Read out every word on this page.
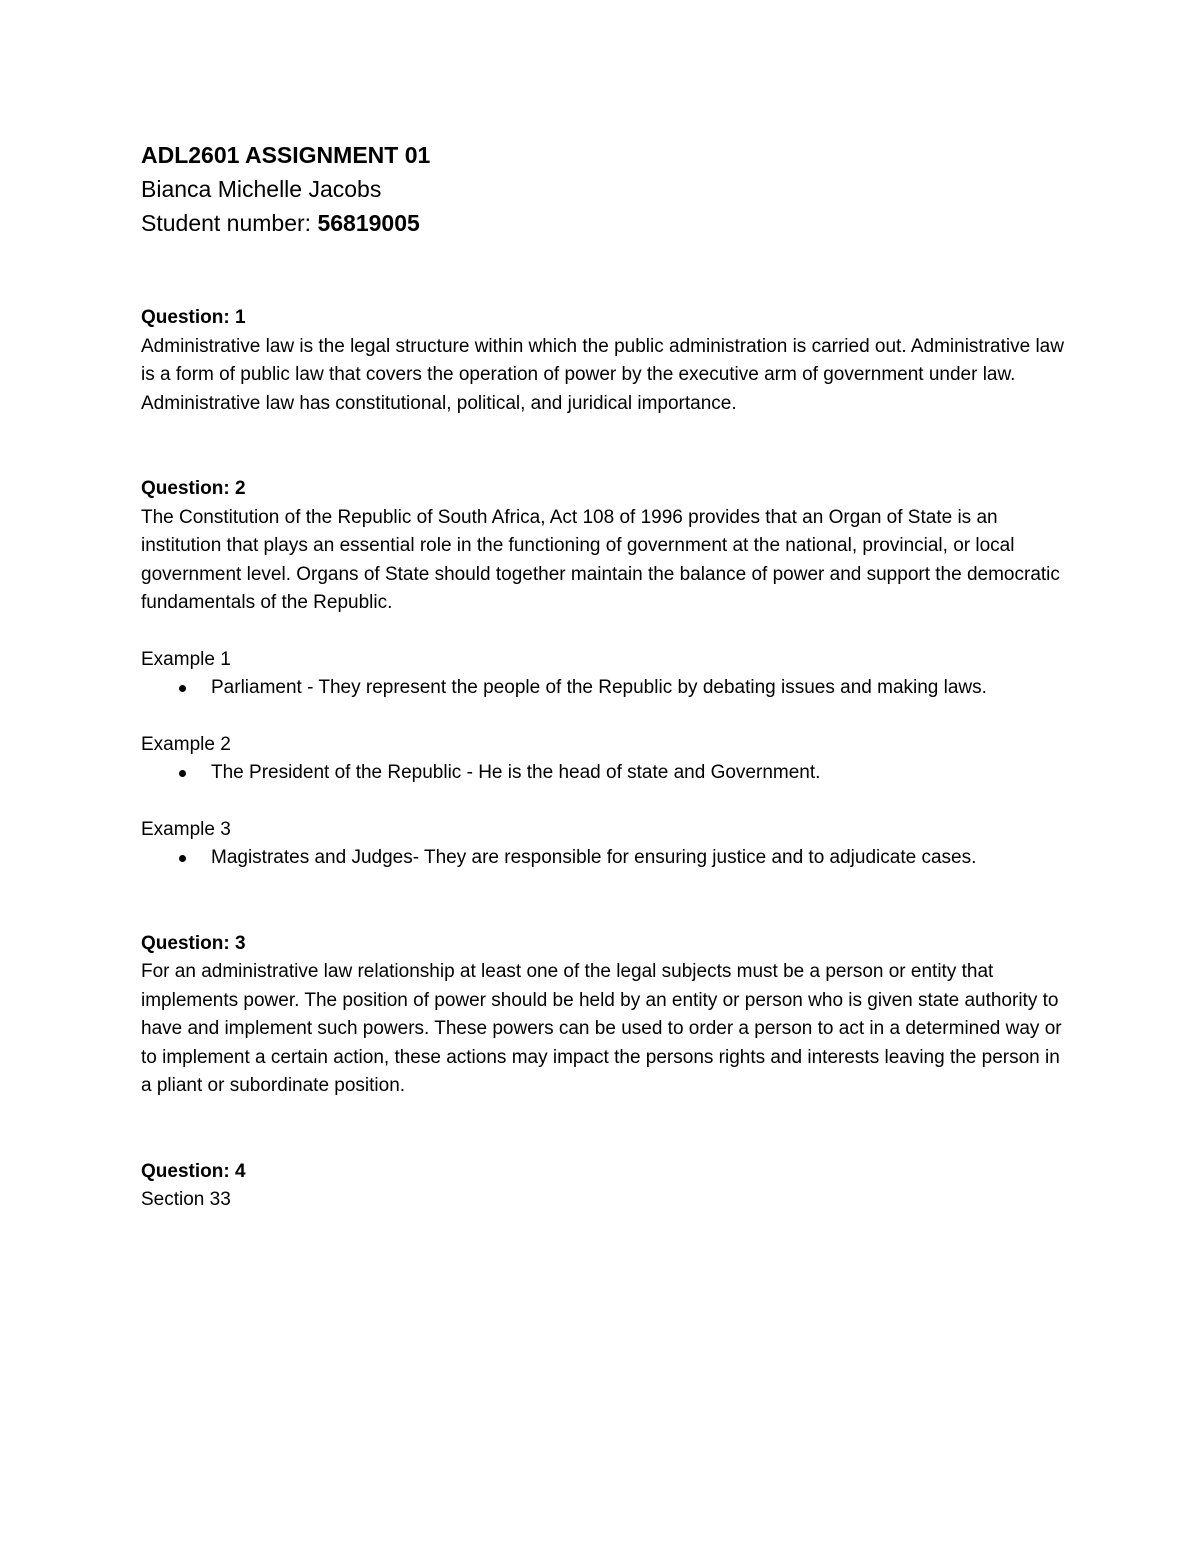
ADL2601 ASSIGNMENT 01

Bianca Michelle Jacobs

Student number: 56819005

Question: 1

Administrative law is the legal structure within which the public administration is carried out. Administrative law is a form of public law that covers the operation of power by the executive arm of government under law. Administrative law has constitutional, political, and juridical importance.

Question: 2

The Constitution of the Republic of South Africa, Act 108 of 1996 provides that an Organ of State is an institution that plays an essential role in the functioning of government at the national, provincial, or local government level. Organs of State should together maintain the balance of power and support the democratic fundamentals of the Republic.

Example 1

Parliament - They represent the people of the Republic by debating issues and making laws.

Example 2

The President of the Republic - He is the head of state and Government.

Example 3

Magistrates and Judges- They are responsible for ensuring justice and to adjudicate cases.

Question: 3

For an administrative law relationship at least one of the legal subjects must be a person or entity that implements power. The position of power should be held by an entity or person who is given state authority to have and implement such powers. These powers can be used to order a person to act in a determined way or to implement a certain action, these actions may impact the persons rights and interests leaving the person in a pliant or subordinate position.

Question: 4

Section 33
